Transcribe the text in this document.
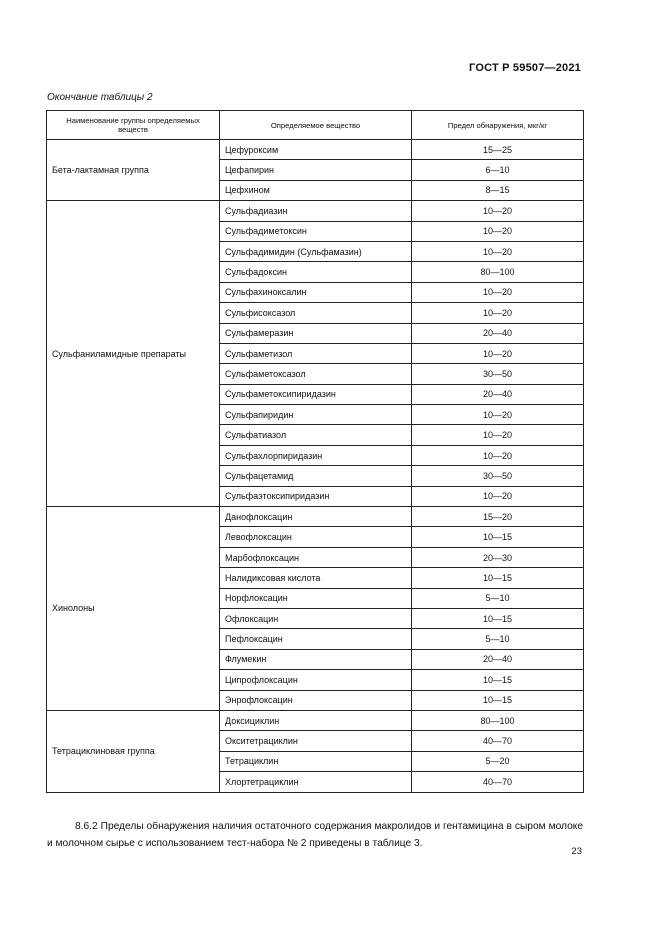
ГОСТ Р 59507—2021
Окончание таблицы 2
Наименование группы определяемых веществ	Определяемое вещество	Предел обнаружения, мкг/кг
Бета-лактамная группа	Цефуроксим	15—25
	Цефапирин	6—10
	Цефхином	8—15
Сульфаниламидные препараты	Сульфадиазин	10—20
	Сульфадиметоксин	10—20
	Сульфадимидин (Сульфамазин)	10—20
	Сульфадоксин	80—100
	Сульфахиноксалин	10—20
	Сульфисоксазол	10—20
	Сульфамеразин	20—40
	Сульфаметизол	10—20
	Сульфаметоксазол	30—50
	Сульфаметоксипиридазин	20—40
	Сульфапиридин	10—20
	Сульфатиазол	10—20
	Сульфахлорпиридазин	10—20
	Сульфацетамид	30—50
	Сульфаэтоксипиридазин	10—20
Хинолоны	Данофлоксацин	15—20
	Левофлоксацин	10—15
	Марбофлоксацин	20—30
	Налидиксовая кислота	10—15
	Норфлоксацин	5—10
	Офлоксацин	10—15
	Пефлоксацин	5—10
	Флумекин	20—40
	Ципрофлоксацин	10—15
	Энрофлоксацин	10—15
Тетрациклиновая группа	Доксициклин	80—100
	Окситетрациклин	40—70
	Тетрациклин	5—20
	Хлортетрациклин	40—70

8.6.2 Пределы обнаружения наличия остаточного содержания макролидов и гентамицина в сыром молоке и молочном сырье с использованием тест-набора № 2 приведены в таблице 3.

23
